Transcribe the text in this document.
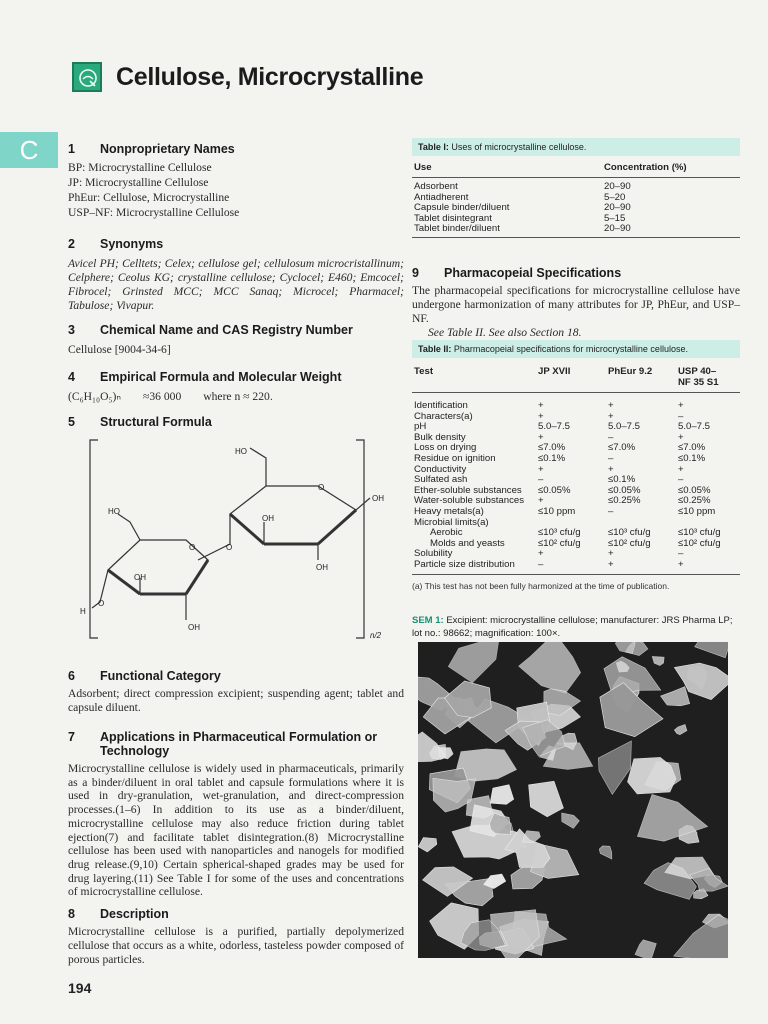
Cellulose, Microcrystalline
C	1	Nonproprietary Names
BP: Microcrystalline Cellulose
JP: Microcrystalline Cellulose
PhEur: Cellulose, Microcrystalline
USP–NF: Microcrystalline Cellulose
2	Synonyms
Avicel PH; Celltets; Celex; cellulose gel; cellulosum microcristallinum; Celphere; Ceolus KG; crystalline cellulose; Cyclocel; E460; Emcocel; Fibrocel; Grinsted MCC; MCC Sanaq; Microcel; Pharmacel; Tabulose; Vivapur.
3	Chemical Name and CAS Registry Number
Cellulose [9004-34-6]
4	Empirical Formula and Molecular Weight
(C₆H₁₀O₅)ₙ ≈36 000 where n ≈ 220.
5	Structural Formula
6	Functional Category
Adsorbent; direct compression excipient; suspending agent; tablet and capsule diluent.
7	Applications in Pharmaceutical Formulation or
Technology
Microcrystalline cellulose is widely used in pharmaceuticals, primarily as a binder/diluent in oral tablet and capsule formulations where it is used in dry-granulation, wet-granulation, and direct-compression processes.(1–6) In addition to its use as a binder/diluent, microcrystalline cellulose may also reduce friction during tablet ejection(7) and facilitate tablet disintegration.(8) Microcrystalline cellulose has been used with nanoparticles and nanogels for modified drug release.(9,10) Certain spherical-shaped grades may be used for drug layering.(11) See Table I for some of the uses and concentrations of microcrystalline cellulose.
8	Description
Microcrystalline cellulose is a purified, partially depolymerized cellulose that occurs as a white, odorless, tasteless powder composed of porous particles.
HO
HO
OH
OH
OH
OH
OH
H
O
O	O
O
n/2
Table I: Uses of microcrystalline cellulose.
Use	Concentration (%)
Adsorbent	20–90
Antiadherent	5–20
Capsule binder/diluent	20–90
Tablet disintegrant	5–15
Tablet binder/diluent	20–90
9	Pharmacopeial Specifications
The pharmacopeial specifications for microcrystalline cellulose have undergone harmonization of many attributes for JP, PhEur, and USP–NF.
See Table II. See also Section 18.
Table II: Pharmacopeial specifications for microcrystalline cellulose.
Test	JP XVII	PhEur 9.2	USP 40–
NF 35 S1
Identification	+	+	+
Characters(a)	+	+	–
pH	5.0–7.5	5.0–7.5	5.0–7.5
Bulk density	+	–	+
Loss on drying	≤7.0%	≤7.0%	≤7.0%
Residue on ignition	≤0.1%	–	≤0.1%
Conductivity	+	+	+
Sulfated ash	–	≤0.1%	–
Ether-soluble substances	≤0.05%	≤0.05%	≤0.05%
Water-soluble substances	+	≤0.25%	≤0.25%
Heavy metals(a)	≤10 ppm	–	≤10 ppm
Microbial limits(a)
Aerobic	≤10³ cfu/g	≤10³ cfu/g	≤10³ cfu/g
Molds and yeasts	≤10² cfu/g	≤10² cfu/g	≤10² cfu/g
Solubility	+	+	–
Particle size distribution	–	+	+
(a) This test has not been fully harmonized at the time of publication.
SEM 1: Excipient: microcrystalline cellulose; manufacturer: JRS Pharma LP; lot no.: 98662; magnification: 100×.
194
